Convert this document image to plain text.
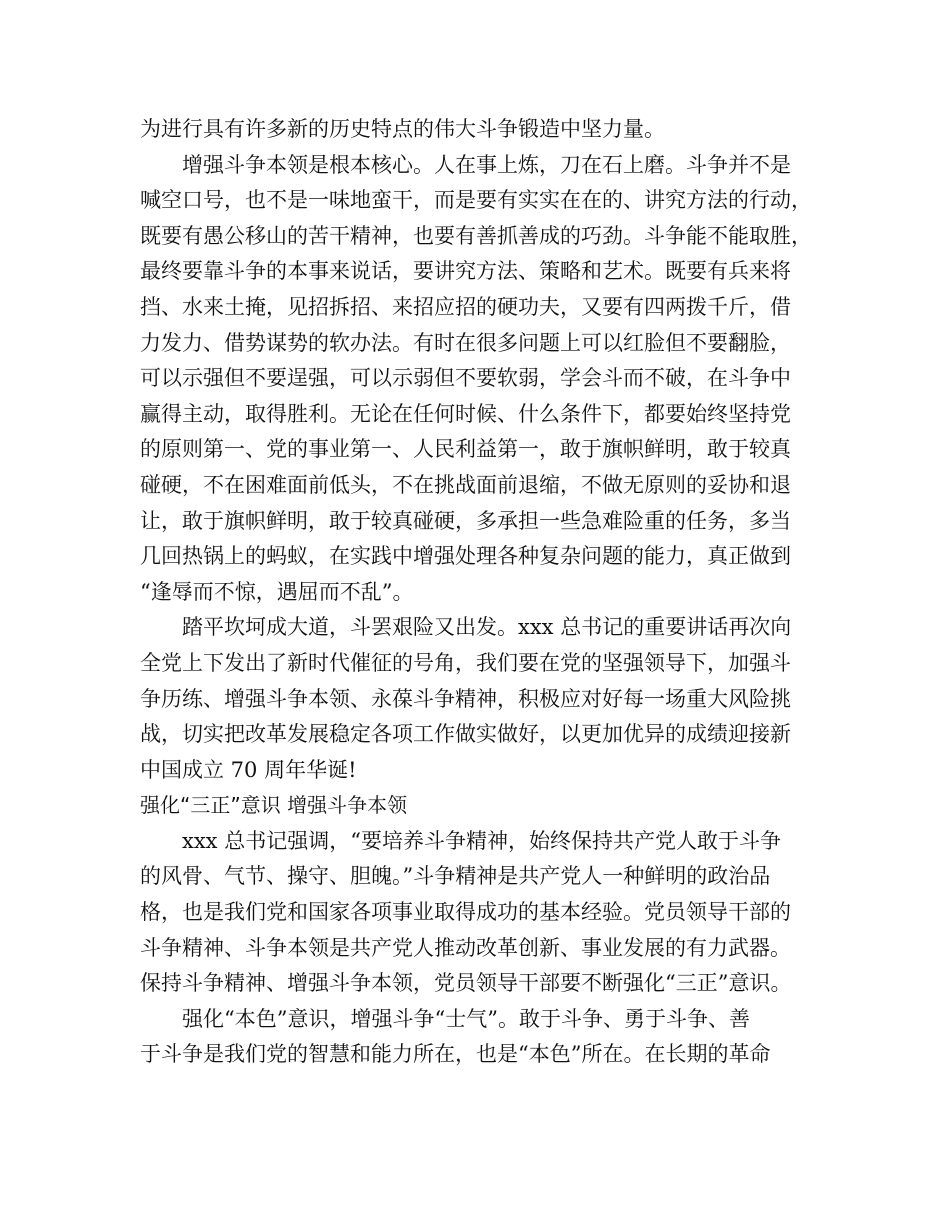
为进行具有许多新的历史特点的伟大斗争锻造中坚力量。
增强斗争本领是根本核心。人在事上炼，刀在石上磨。斗争并不是
喊空口号，也不是一味地蛮干，而是要有实实在在的、讲究方法的行动，
既要有愚公移山的苦干精神，也要有善抓善成的巧劲。斗争能不能取胜，
最终要靠斗争的本事来说话，要讲究方法、策略和艺术。既要有兵来将
挡、水来土掩，见招拆招、来招应招的硬功夫，又要有四两拨千斤，借
力发力、借势谋势的软办法。有时在很多问题上可以红脸但不要翻脸，
可以示强但不要逞强，可以示弱但不要软弱，学会斗而不破，在斗争中
赢得主动，取得胜利。无论在任何时候、什么条件下，都要始终坚持党
的原则第一、党的事业第一、人民利益第一，敢于旗帜鲜明，敢于较真
碰硬，不在困难面前低头，不在挑战面前退缩，不做无原则的妥协和退
让，敢于旗帜鲜明，敢于较真碰硬，多承担一些急难险重的任务，多当
几回热锅上的蚂蚁，在实践中增强处理各种复杂问题的能力，真正做到
“逢辱而不惊，遇屈而不乱”。
踏平坎坷成大道，斗罢艰险又出发。xxx 总书记的重要讲话再次向
全党上下发出了新时代催征的号角，我们要在党的坚强领导下，加强斗
争历练、增强斗争本领、永葆斗争精神，积极应对好每一场重大风险挑
战，切实把改革发展稳定各项工作做实做好，以更加优异的成绩迎接新
中国成立 70 周年华诞!
强化“三正”意识 增强斗争本领
xxx 总书记强调，“要培养斗争精神，始终保持共产党人敢于斗争
的风骨、气节、操守、胆魄。”斗争精神是共产党人一种鲜明的政治品
格，也是我们党和国家各项事业取得成功的基本经验。党员领导干部的
斗争精神、斗争本领是共产党人推动改革创新、事业发展的有力武器。
保持斗争精神、增强斗争本领，党员领导干部要不断强化“三正”意识。
强化“本色”意识，增强斗争“士气”。敢于斗争、勇于斗争、善
于斗争是我们党的智慧和能力所在，也是“本色”所在。在长期的革命
